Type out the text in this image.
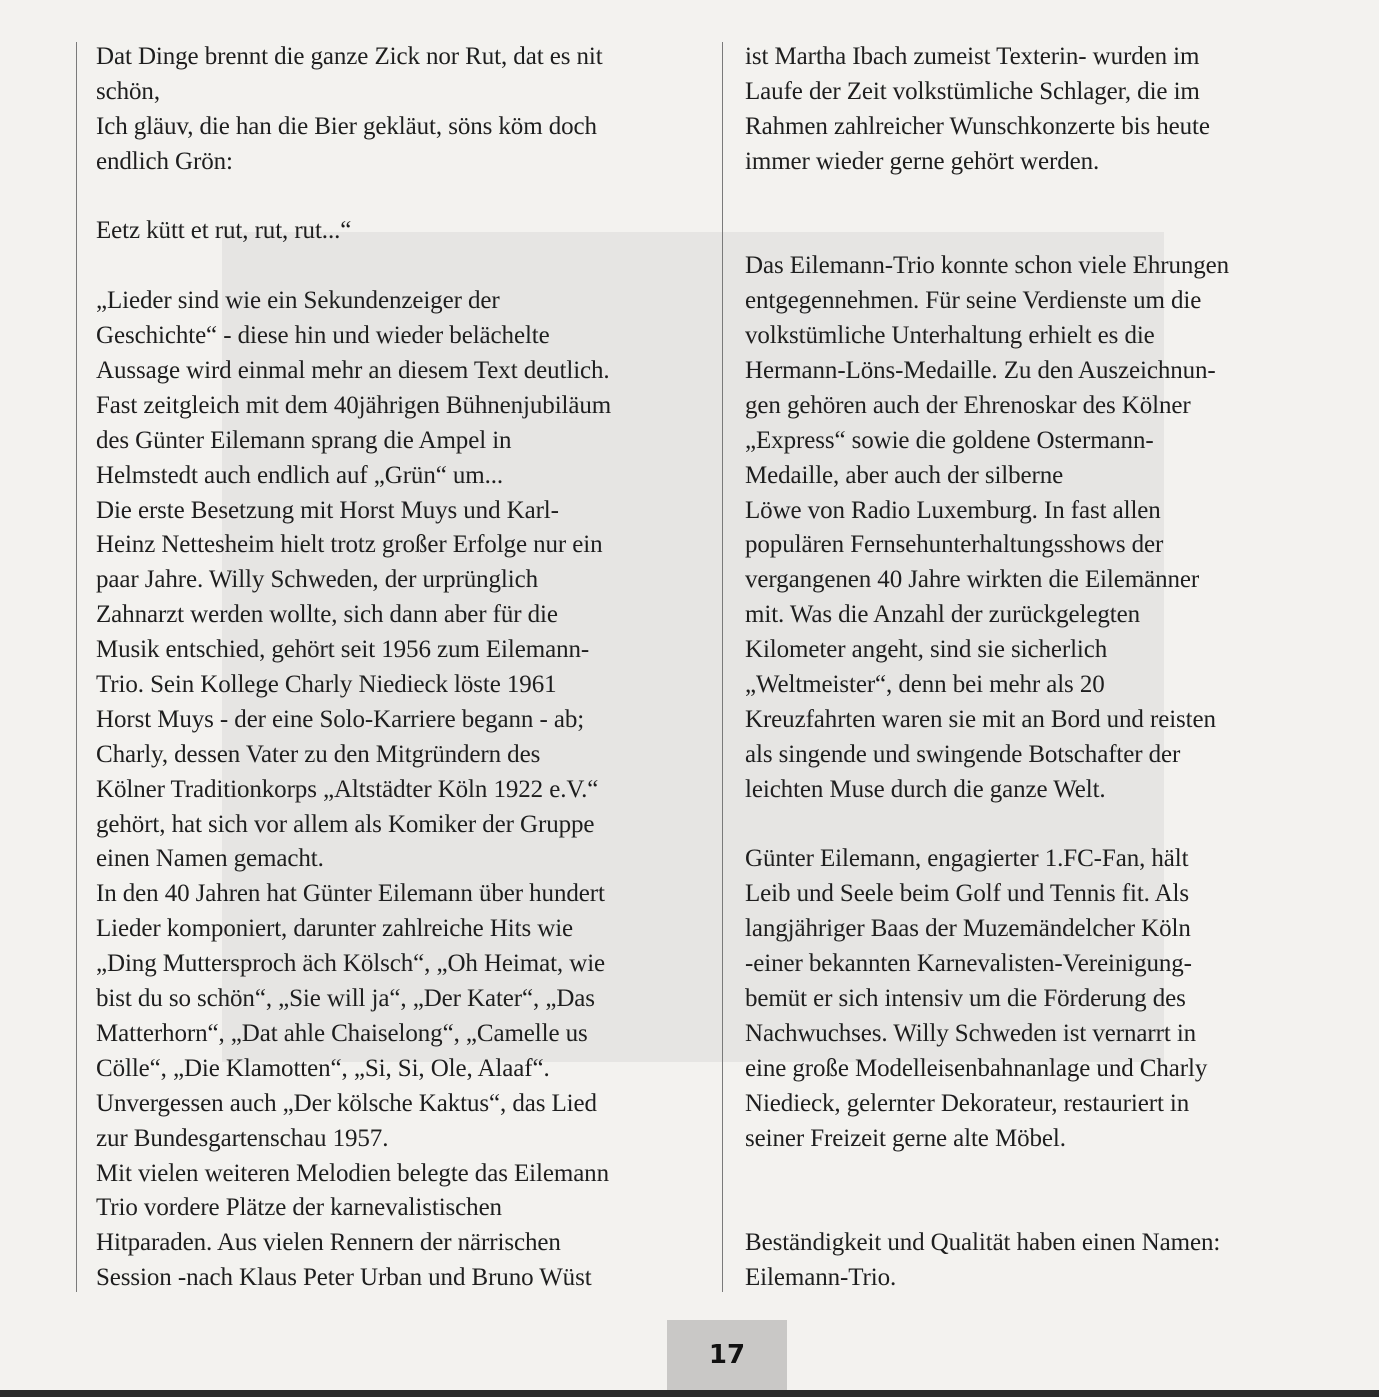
Dat Dinge brennt die ganze Zick nor Rut, dat es nit
schön,
Ich gläuv, die han die Bier gekläut, söns köm doch
endlich Grön:
Eetz kütt et rut, rut, rut...“
„Lieder sind wie ein Sekundenzeiger der
Geschichte“ - diese hin und wieder belächelte
Aussage wird einmal mehr an diesem Text deutlich.
Fast zeitgleich mit dem 40jährigen Bühnenjubiläum
des Günter Eilemann sprang die Ampel in
Helmstedt auch endlich auf „Grün“ um...
Die erste Besetzung mit Horst Muys und Karl-
Heinz Nettesheim hielt trotz großer Erfolge nur ein
paar Jahre. Willy Schweden, der urprünglich
Zahnarzt werden wollte, sich dann aber für die
Musik entschied, gehört seit 1956 zum Eilemann-
Trio. Sein Kollege Charly Niedieck löste 1961
Horst Muys - der eine Solo-Karriere begann - ab;
Charly, dessen Vater zu den Mitgründern des
Kölner Traditionkorps „Altstädter Köln 1922 e.V.“
gehört, hat sich vor allem als Komiker der Gruppe
einen Namen gemacht.
In den 40 Jahren hat Günter Eilemann über hundert
Lieder komponiert, darunter zahlreiche Hits wie
„Ding Muttersproch äch Kölsch“, „Oh Heimat, wie
bist du so schön“, „Sie will ja“, „Der Kater“, „Das
Matterhorn“, „Dat ahle Chaiselong“, „Camelle us
Cölle“, „Die Klamotten“, „Si, Si, Ole, Alaaf“.
Unvergessen auch „Der kölsche Kaktus“, das Lied
zur Bundesgartenschau 1957.
Mit vielen weiteren Melodien belegte das Eilemann
Trio vordere Plätze der karnevalistischen
Hitparaden. Aus vielen Rennern der närrischen
Session -nach Klaus Peter Urban und Bruno Wüst
ist Martha Ibach zumeist Texterin- wurden im
Laufe der Zeit volkstümliche Schlager, die im
Rahmen zahlreicher Wunschkonzerte bis heute
immer wieder gerne gehört werden.
Das Eilemann-Trio konnte schon viele Ehrungen
entgegennehmen. Für seine Verdienste um die
volkstümliche Unterhaltung erhielt es die
Hermann-Löns-Medaille. Zu den Auszeichnun-
gen gehören auch der Ehrenoskar des Kölner
„Express“ sowie die goldene Ostermann-
Medaille, aber auch der silberne
Löwe von Radio Luxemburg. In fast allen
populären Fernsehunterhaltungsshows der
vergangenen 40 Jahre wirkten die Eilemänner
mit. Was die Anzahl der zurückgelegten
Kilometer angeht, sind sie sicherlich
„Weltmeister“, denn bei mehr als 20
Kreuzfahrten waren sie mit an Bord und reisten
als singende und swingende Botschafter der
leichten Muse durch die ganze Welt.
Günter Eilemann, engagierter 1.FC-Fan, hält
Leib und Seele beim Golf und Tennis fit. Als
langjähriger Baas der Muzemändelcher Köln
-einer bekannten Karnevalisten-Vereinigung-
bemüt er sich intensiv um die Förderung des
Nachwuchses. Willy Schweden ist vernarrt in
eine große Modelleisenbahnanlage und Charly
Niedieck, gelernter Dekorateur, restauriert in
seiner Freizeit gerne alte Möbel.
Beständigkeit und Qualität haben einen Namen:
Eilemann-Trio.
17
